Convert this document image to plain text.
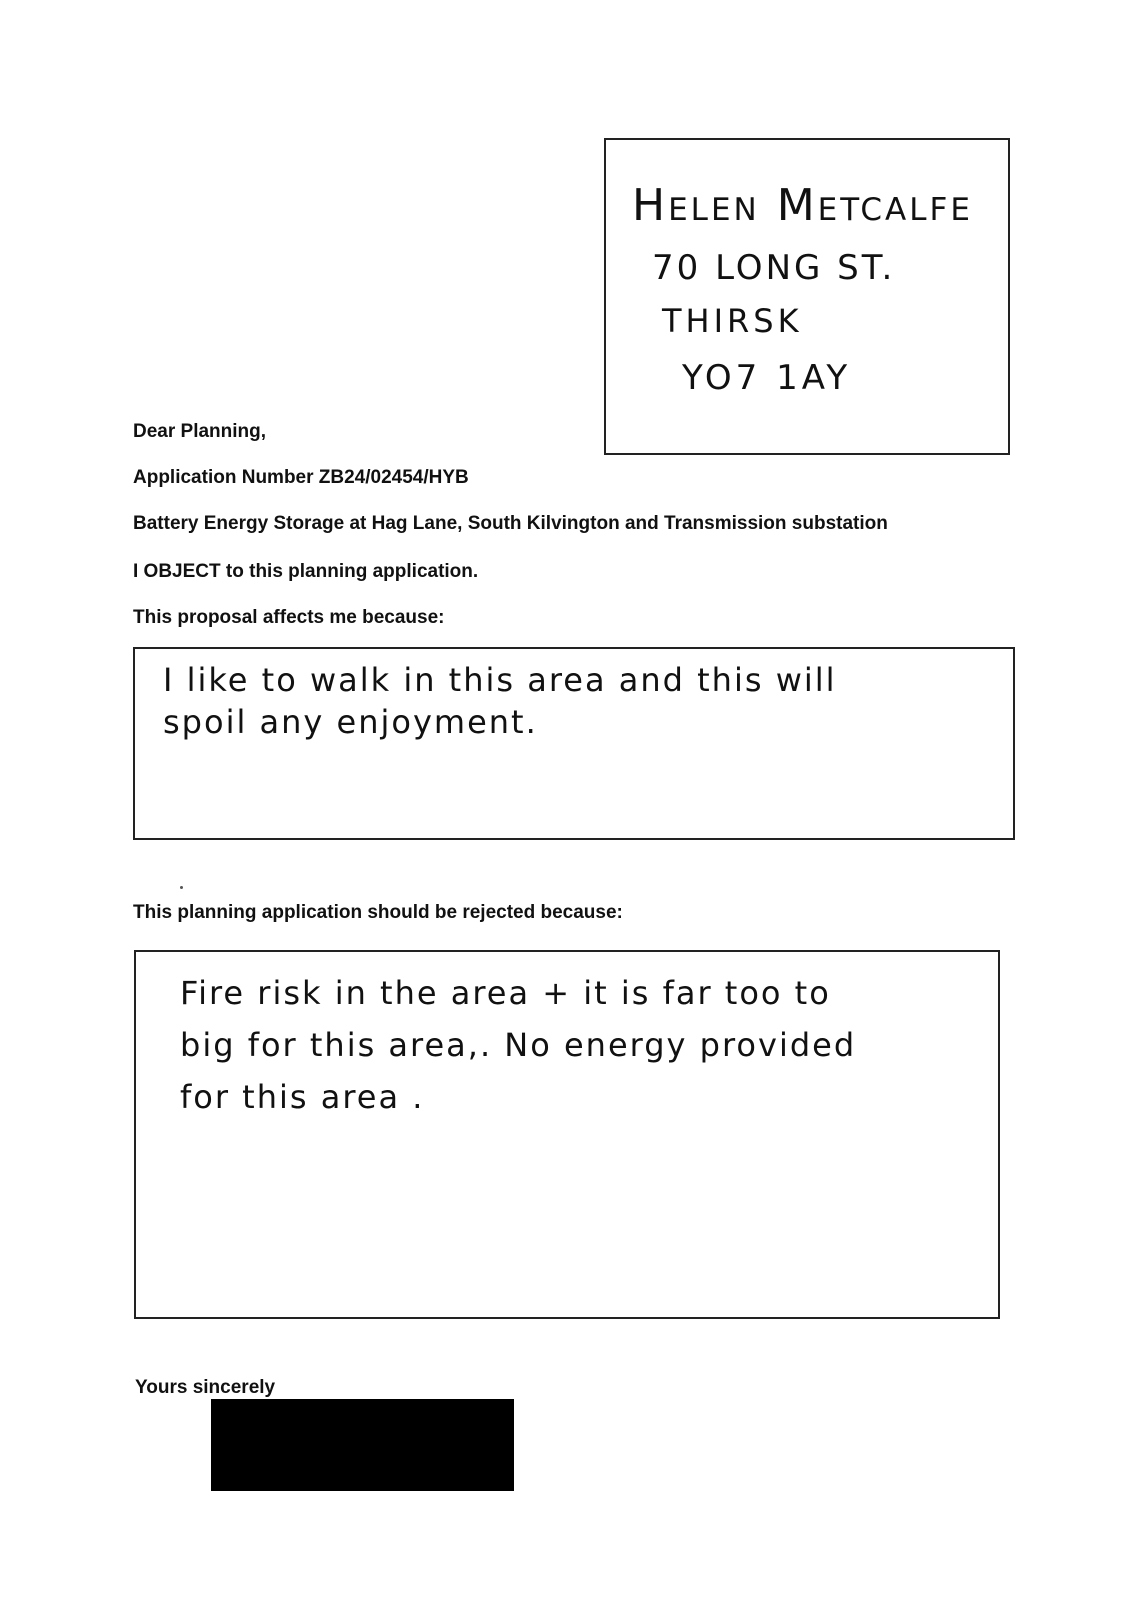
Helen Metcalfe
70 LONG ST.
THIRSK
YO7 1AY
Dear Planning,
Application Number ZB24/02454/HYB
Battery Energy Storage at Hag Lane, South Kilvington and Transmission substation
I OBJECT to this planning application.
This proposal affects me because:
I like to walk in this area and this will
spoil any enjoyment.
This planning application should be rejected because:
Fire risk in the area + it is far too to
big for this area,. No energy provided
for this area .
Yours sincerely
